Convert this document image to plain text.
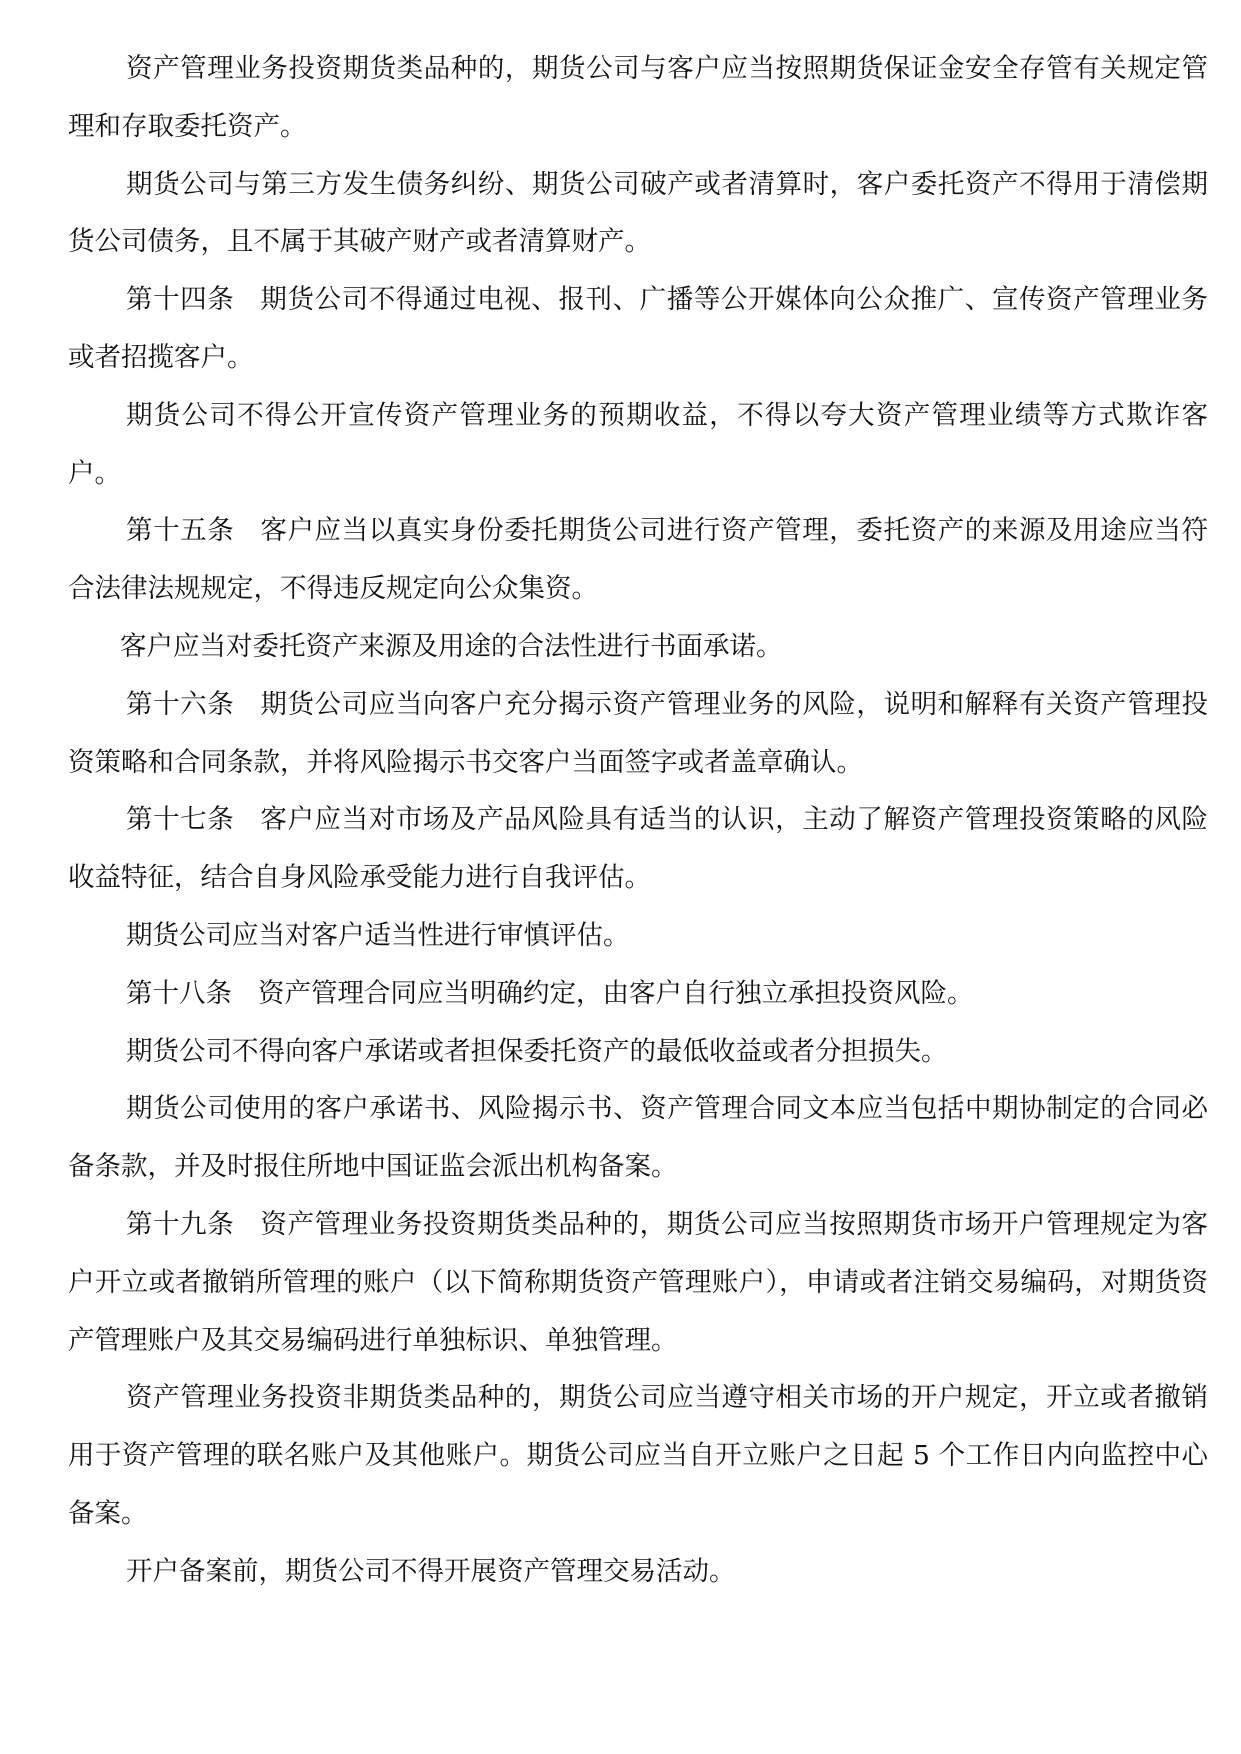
资产管理业务投资期货类品种的，期货公司与客户应当按照期货保证金安全存管有关规定管理和存取委托资产。

期货公司与第三方发生债务纠纷、期货公司破产或者清算时，客户委托资产不得用于清偿期货公司债务，且不属于其破产财产或者清算财产。

第十四条 期货公司不得通过电视、报刊、广播等公开媒体向公众推广、宣传资产管理业务或者招揽客户。

期货公司不得公开宣传资产管理业务的预期收益，不得以夸大资产管理业绩等方式欺诈客户。

第十五条 客户应当以真实身份委托期货公司进行资产管理，委托资产的来源及用途应当符合法律法规规定，不得违反规定向公众集资。

客户应当对委托资产来源及用途的合法性进行书面承诺。

第十六条 期货公司应当向客户充分揭示资产管理业务的风险，说明和解释有关资产管理投资策略和合同条款，并将风险揭示书交客户当面签字或者盖章确认。

第十七条 客户应当对市场及产品风险具有适当的认识，主动了解资产管理投资策略的风险收益特征，结合自身风险承受能力进行自我评估。

期货公司应当对客户适当性进行审慎评估。

第十八条 资产管理合同应当明确约定，由客户自行独立承担投资风险。

期货公司不得向客户承诺或者担保委托资产的最低收益或者分担损失。

期货公司使用的客户承诺书、风险揭示书、资产管理合同文本应当包括中期协制定的合同必备条款，并及时报住所地中国证监会派出机构备案。

第十九条 资产管理业务投资期货类品种的，期货公司应当按照期货市场开户管理规定为客户开立或者撤销所管理的账户（以下简称期货资产管理账户），申请或者注销交易编码，对期货资产管理账户及其交易编码进行单独标识、单独管理。

资产管理业务投资非期货类品种的，期货公司应当遵守相关市场的开户规定，开立或者撤销用于资产管理的联名账户及其他账户。期货公司应当自开立账户之日起 5 个工作日内向监控中心备案。

开户备案前，期货公司不得开展资产管理交易活动。
